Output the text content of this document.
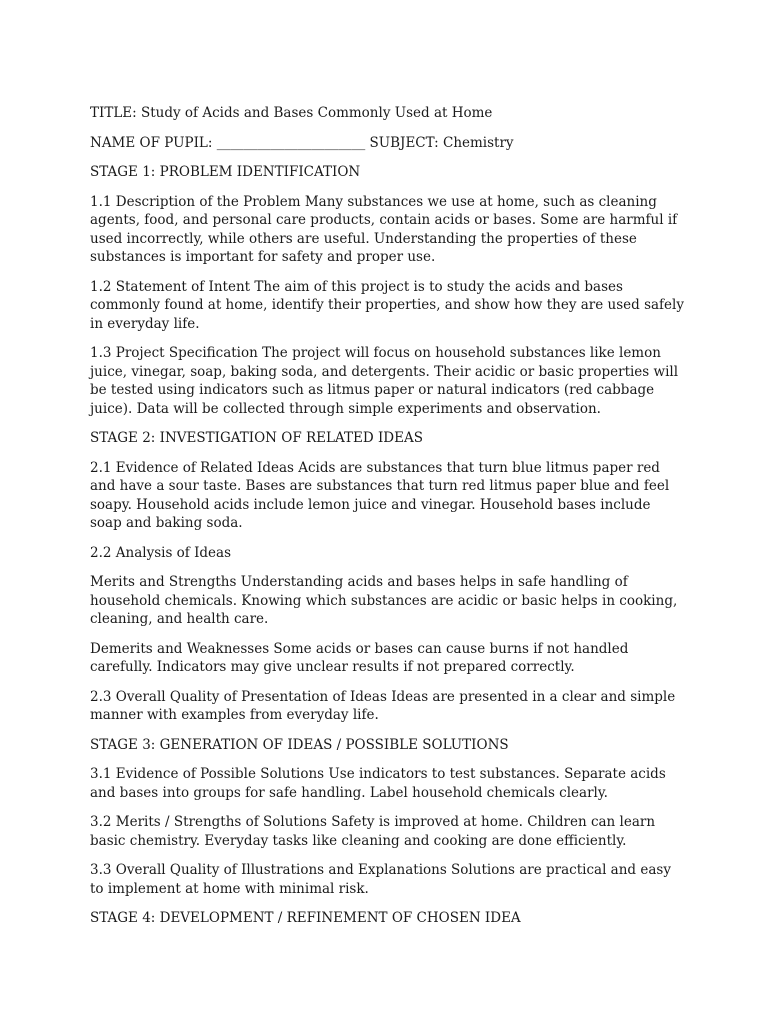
TITLE: Study of Acids and Bases Commonly Used at Home

NAME OF PUPIL: ______________________ SUBJECT: Chemistry

STAGE 1: PROBLEM IDENTIFICATION

1.1 Description of the Problem Many substances we use at home, such as cleaning agents, food, and personal care products, contain acids or bases. Some are harmful if used incorrectly, while others are useful. Understanding the properties of these substances is important for safety and proper use.

1.2 Statement of Intent The aim of this project is to study the acids and bases commonly found at home, identify their properties, and show how they are used safely in everyday life.

1.3 Project Specification The project will focus on household substances like lemon juice, vinegar, soap, baking soda, and detergents. Their acidic or basic properties will be tested using indicators such as litmus paper or natural indicators (red cabbage juice). Data will be collected through simple experiments and observation.

STAGE 2: INVESTIGATION OF RELATED IDEAS

2.1 Evidence of Related Ideas Acids are substances that turn blue litmus paper red and have a sour taste. Bases are substances that turn red litmus paper blue and feel soapy. Household acids include lemon juice and vinegar. Household bases include soap and baking soda.

2.2 Analysis of Ideas

Merits and Strengths Understanding acids and bases helps in safe handling of household chemicals. Knowing which substances are acidic or basic helps in cooking, cleaning, and health care.

Demerits and Weaknesses Some acids or bases can cause burns if not handled carefully. Indicators may give unclear results if not prepared correctly.

2.3 Overall Quality of Presentation of Ideas Ideas are presented in a clear and simple manner with examples from everyday life.

STAGE 3: GENERATION OF IDEAS / POSSIBLE SOLUTIONS

3.1 Evidence of Possible Solutions Use indicators to test substances. Separate acids and bases into groups for safe handling. Label household chemicals clearly.

3.2 Merits / Strengths of Solutions Safety is improved at home. Children can learn basic chemistry. Everyday tasks like cleaning and cooking are done efficiently.

3.3 Overall Quality of Illustrations and Explanations Solutions are practical and easy to implement at home with minimal risk.

STAGE 4: DEVELOPMENT / REFINEMENT OF CHOSEN IDEA
